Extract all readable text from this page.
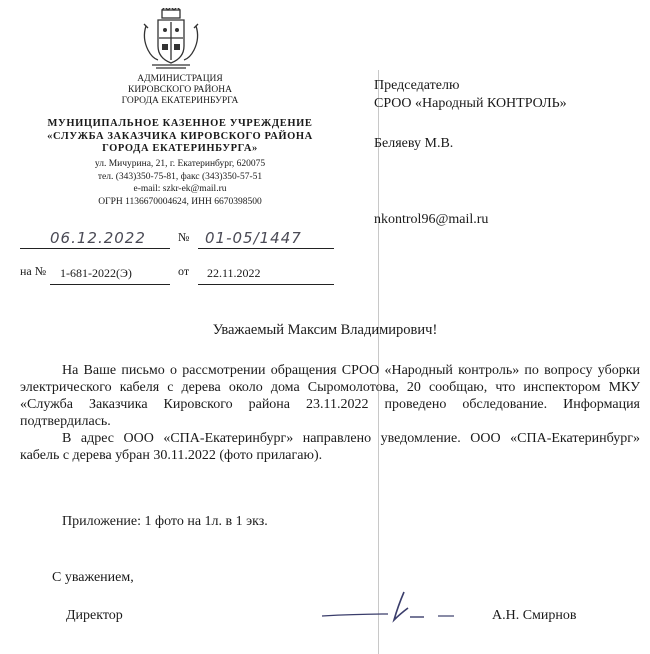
АДМИНИСТРАЦИЯ
КИРОВСКОГО РАЙОНА
ГОРОДА ЕКАТЕРИНБУРГА
МУНИЦИПАЛЬНОЕ КАЗЕННОЕ УЧРЕЖДЕНИЕ
«СЛУЖБА ЗАКАЗЧИКА КИРОВСКОГО РАЙОНА
ГОРОДА ЕКАТЕРИНБУРГА»
ул. Мичурина, 21, г. Екатеринбург, 620075
тел. (343)350-75-81, факс (343)350-57-51
e-mail: szkr-ek@mail.ru
ОГРН 1136670004624, ИНН 6670398500
06.12.2022	№ 01-05/1447
на № 1-681-2022(Э)	от 22.11.2022
Председателю
СРОО «Народный КОНТРОЛЬ»
Беляеву М.В.
nkontrol96@mail.ru
Уважаемый Максим Владимирович!

На Ваше письмо о рассмотрении обращения СРОО «Народный контроль» по вопросу уборки электрического кабеля с дерева около дома Сыромолотова, 20 сообщаю, что инспектором МКУ «Служба Заказчика Кировского района 23.11.2022 проведено обследование. Информация подтвердилась.

В адрес ООО «СПА-Екатеринбург» направлено уведомление. ООО «СПА-Екатеринбург» кабель с дерева убран 30.11.2022 (фото прилагаю).

Приложение: 1 фото на 1л. в 1 экз.
С уважением,
Директор	А.Н. Смирнов
